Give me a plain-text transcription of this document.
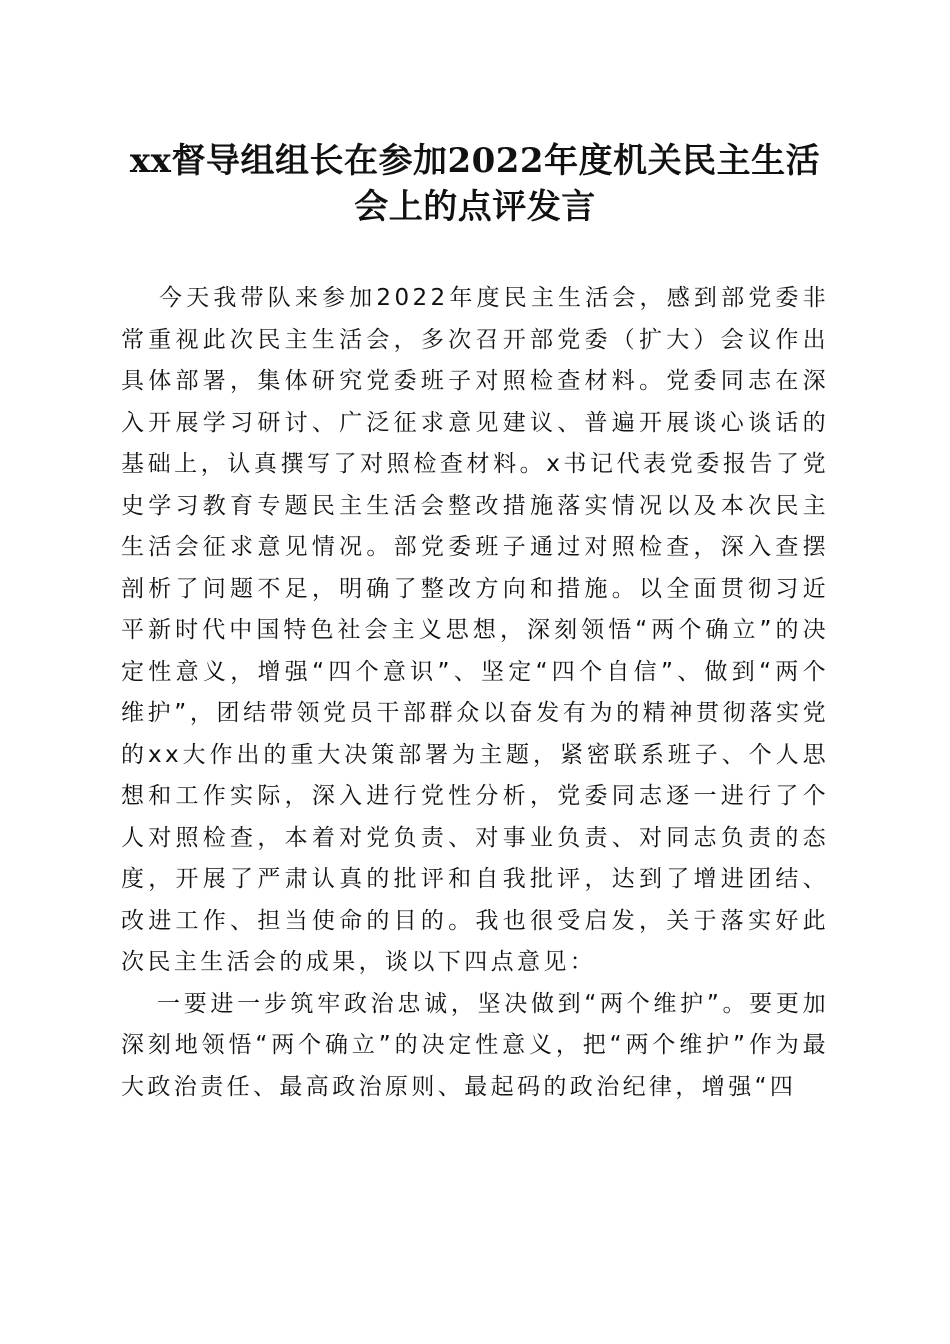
xx督导组组长在参加2022年度机关民主生活
会上的点评发言

今天我带队来参加2022年度民主生活会，感到部党委非常重视此次民主生活会，多次召开部党委（扩大）会议作出具体部署，集体研究党委班子对照检查材料。党委同志在深入开展学习研讨、广泛征求意见建议、普遍开展谈心谈话的基础上，认真撰写了对照检查材料。x书记代表党委报告了党史学习教育专题民主生活会整改措施落实情况以及本次民主生活会征求意见情况。部党委班子通过对照检查，深入查摆剖析了问题不足，明确了整改方向和措施。以全面贯彻习近平新时代中国特色社会主义思想，深刻领悟“两个确立”的决定性意义，增强“四个意识”、坚定“四个自信”、做到“两个维护”，团结带领党员干部群众以奋发有为的精神贯彻落实党的xx大作出的重大决策部署为主题，紧密联系班子、个人思想和工作实际，深入进行党性分析，党委同志逐一进行了个人对照检查，本着对党负责、对事业负责、对同志负责的态度，开展了严肃认真的批评和自我批评，达到了增进团结、改进工作、担当使命的目的。我也很受启发，关于落实好此次民主生活会的成果，谈以下四点意见：

一要进一步筑牢政治忠诚，坚决做到“两个维护”。要更加深刻地领悟“两个确立”的决定性意义，把“两个维护”作为最大政治责任、最高政治原则、最起码的政治纪律，增强“四
